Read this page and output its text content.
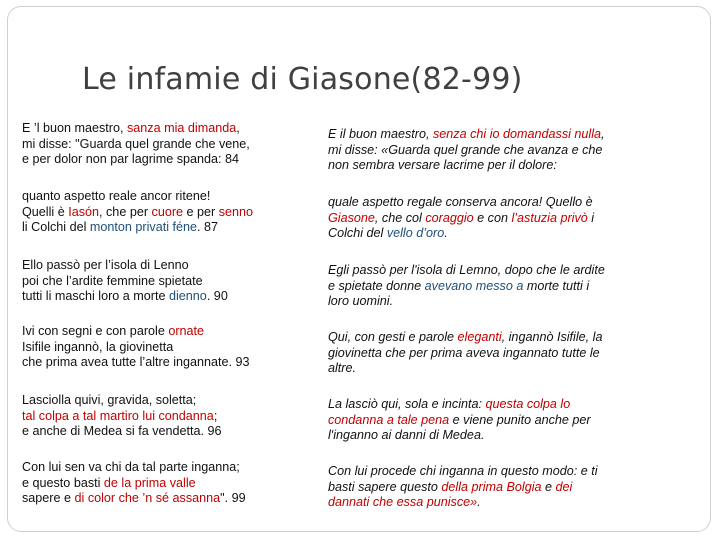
Le infamie di Giasone(82-99)
E ’l buon maestro, sanza mia dimanda,
mi disse: "Guarda quel grande che vene,
e per dolor non par lagrime spanda: 84
quanto aspetto reale ancor ritene!
Quelli è Iasón, che per cuore e per senno
li Colchi del monton privati féne. 87
Ello passò per l’isola di Lenno
poi che l’ardite femmine spietate
tutti li maschi loro a morte dienno. 90
Ivi con segni e con parole ornate
Isifile ingannò, la giovinetta
che prima avea tutte l’altre ingannate. 93
Lasciolla quivi, gravida, soletta;
tal colpa a tal martiro lui condanna;
e anche di Medea si fa vendetta. 96
Con lui sen va chi da tal parte inganna;
e questo basti de la prima valle
sapere e di color che ’n sé assanna". 99
E il buon maestro, senza chi io domandassi nulla,
mi disse: «Guarda quel grande che avanza e che
non sembra versare lacrime per il dolore:
quale aspetto regale conserva ancora! Quello è
Giasone, che col coraggio e con l’astuzia privò i
Colchi del vello d’oro.
Egli passò per l'isola di Lemno, dopo che le ardite
e spietate donne avevano messo a morte tutti i
loro uomini.
Qui, con gesti e parole eleganti, ingannò Isifile, la
giovinetta che per prima aveva ingannato tutte le
altre.
La lasciò qui, sola e incinta: questa colpa lo
condanna a tale pena e viene punito anche per
l'inganno ai danni di Medea.
Con lui procede chi inganna in questo modo: e ti
basti sapere questo della prima Bolgia e dei
dannati che essa punisce».
